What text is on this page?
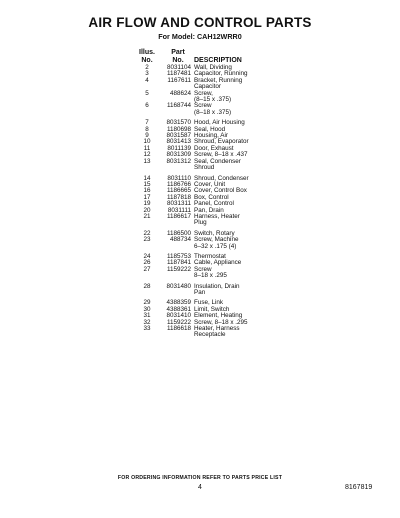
AIR FLOW AND CONTROL PARTS
For Model: CAH12WRR0
Illus.
No.
Part
No.	DESCRIPTION
2	8031104 Wall, Dividing
3	1187481 Capacitor, Running
4	1167611 Bracket, Running
Capacitor
5	488624 Screw,
(8–15 x .375)
6	1168744 Screw
(8–18 x .375)
7	8031570 Hood, Air Housing
8	1180698 Seal, Hood
9	8031587 Housing, Air
10	8031413 Shroud, Evaporator
11	8011139 Door, Exhaust
12	8031309 Screw, 8–18 x .437
13	8031312 Seal, Condenser
Shroud
14	8031110 Shroud, Condenser
15	1186766 Cover, Unit
16	1186665 Cover, Control Box
17	1187818 Box, Control
19	8031311 Panel, Control
20	8031111 Pan, Drain
21	1186617 Harness, Heater
Plug
22	1186500 Switch, Rotary
23	488734 Screw, Machine
6–32 x .175 (4)
24	1185753 Thermostat
26	1187841 Cable, Appliance
27	1159222 Screw
8–18 x .295
28	8031480 Insulation, Drain
Pan
29	4388359 Fuse, Link
30	4388361 Limit, Switch
31	8031410 Element, Heating
32	1159222 Screw, 8–18 x .295
33	1186618 Heater, Harness
Receptacle
FOR ORDERING INFORMATION REFER TO PARTS PRICE LIST
4	8167819
